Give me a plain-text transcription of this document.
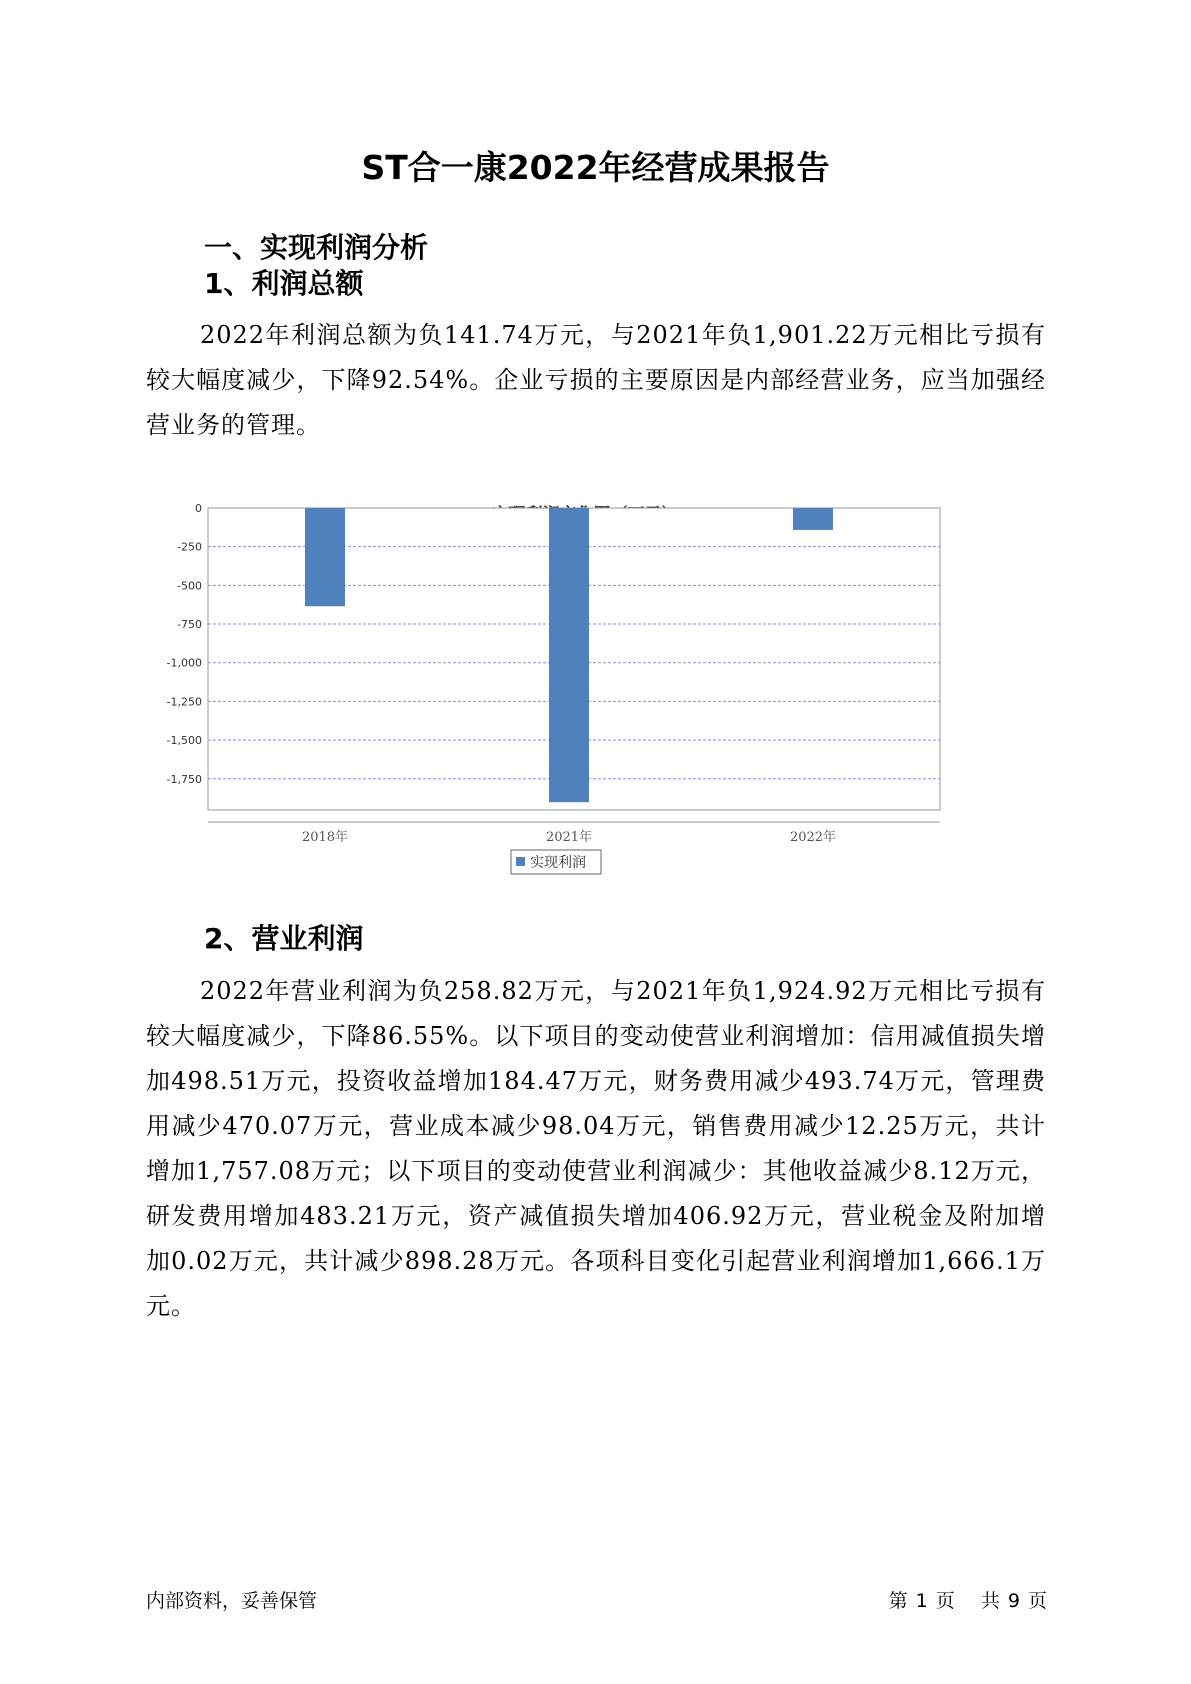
ST合一康2022年经营成果报告
一、实现利润分析
1、利润总额

2022年利润总额为负141.74万元，与2021年负1,901.22万元相比亏损有较大幅度减少，下降92.54%。企业亏损的主要原因是内部经营业务，应当加强经营业务的管理。

0
-250
-500
-750
-1,000
-1,250
-1,500
-1,750
2018年	2021年	2022年
实现利润
2、营业利润

2022年营业利润为负258.82万元，与2021年负1,924.92万元相比亏损有较大幅度减少，下降86.55%。以下项目的变动使营业利润增加：信用减值损失增加498.51万元，投资收益增加184.47万元，财务费用减少493.74万元，管理费用减少470.07万元，营业成本减少98.04万元，销售费用减少12.25万元，共计增加1,757.08万元；以下项目的变动使营业利润减少：其他收益减少8.12万元，研发费用增加483.21万元，资产减值损失增加406.92万元，营业税金及附加增加0.02万元，共计减少898.28万元。各项科目变化引起营业利润增加1,666.1万元。

内部资料，妥善保管	第 1 页 共 9 页
